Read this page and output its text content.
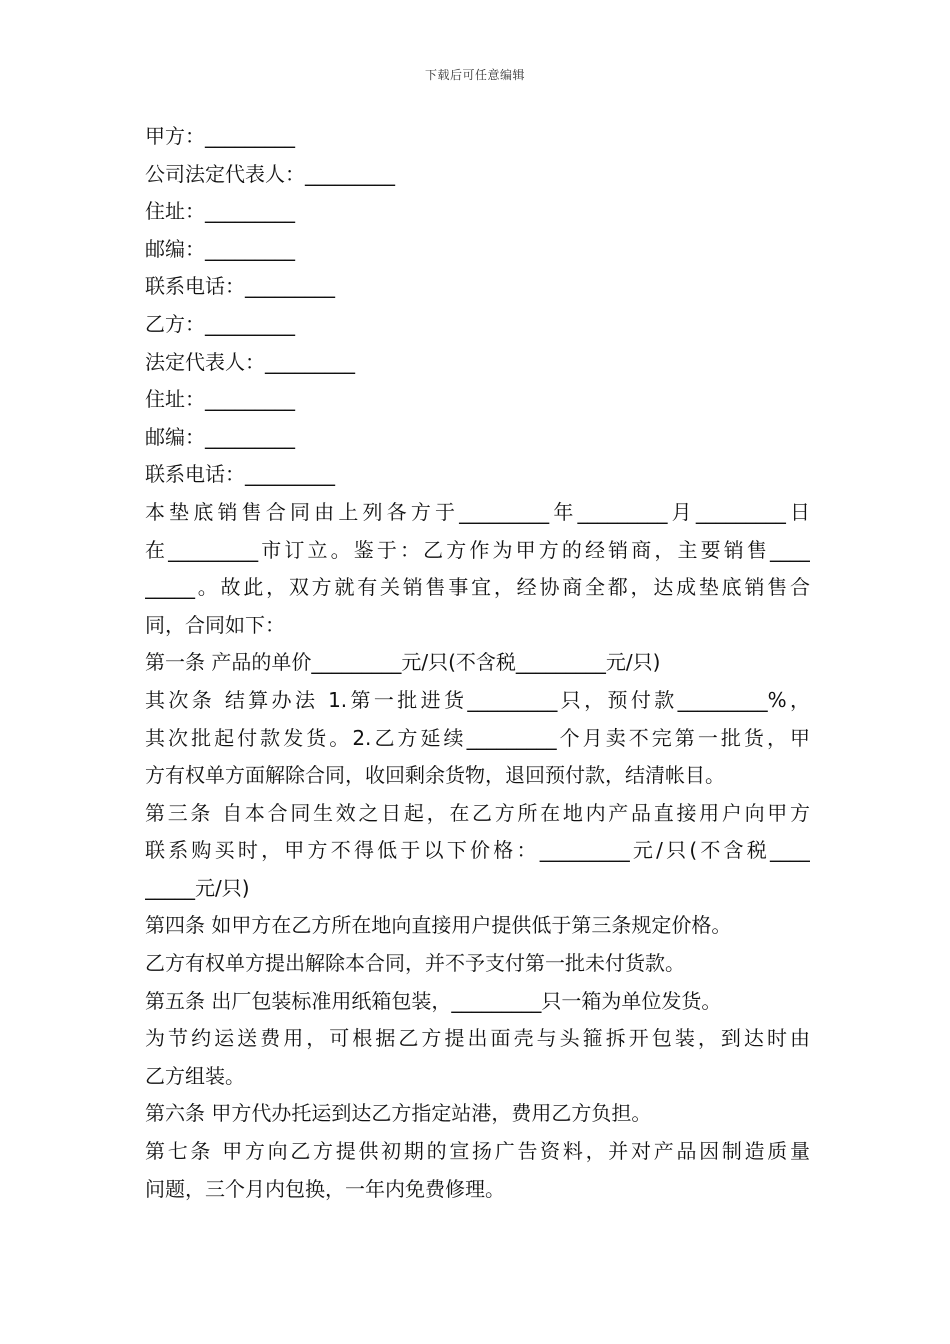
下载后可任意编辑
甲方：_________
公司法定代表人：_________
住址：_________
邮编：_________
联系电话：_________
乙方：_________
法定代表人：_________
住址：_________
邮编：_________
联系电话：_________
本垫底销售合同由上列各方于_________年_________月_________日
在_________市订立。鉴于：乙方作为甲方的经销商，主要销售____
_____。故此，双方就有关销售事宜，经协商全都，达成垫底销售合
同，合同如下：
第一条 产品的单价_________元/只(不含税_________元/只)
其次条 结算办法 1.第一批进货_________只，预付款_________%，
其次批起付款发货。2.乙方延续_________个月卖不完第一批货，甲
方有权单方面解除合同，收回剩余货物，退回预付款，结清帐目。
第三条 自本合同生效之日起，在乙方所在地内产品直接用户向甲方
联系购买时，甲方不得低于以下价格：_________元/只(不含税____
_____元/只)
第四条 如甲方在乙方所在地向直接用户提供低于第三条规定价格。
乙方有权单方提出解除本合同，并不予支付第一批未付货款。
第五条 出厂包装标准用纸箱包装，_________只一箱为单位发货。
为节约运送费用，可根据乙方提出面壳与头箍拆开包装，到达时由
乙方组装。
第六条 甲方代办托运到达乙方指定站港，费用乙方负担。
第七条 甲方向乙方提供初期的宣扬广告资料，并对产品因制造质量
问题，三个月内包换，一年内免费修理。
